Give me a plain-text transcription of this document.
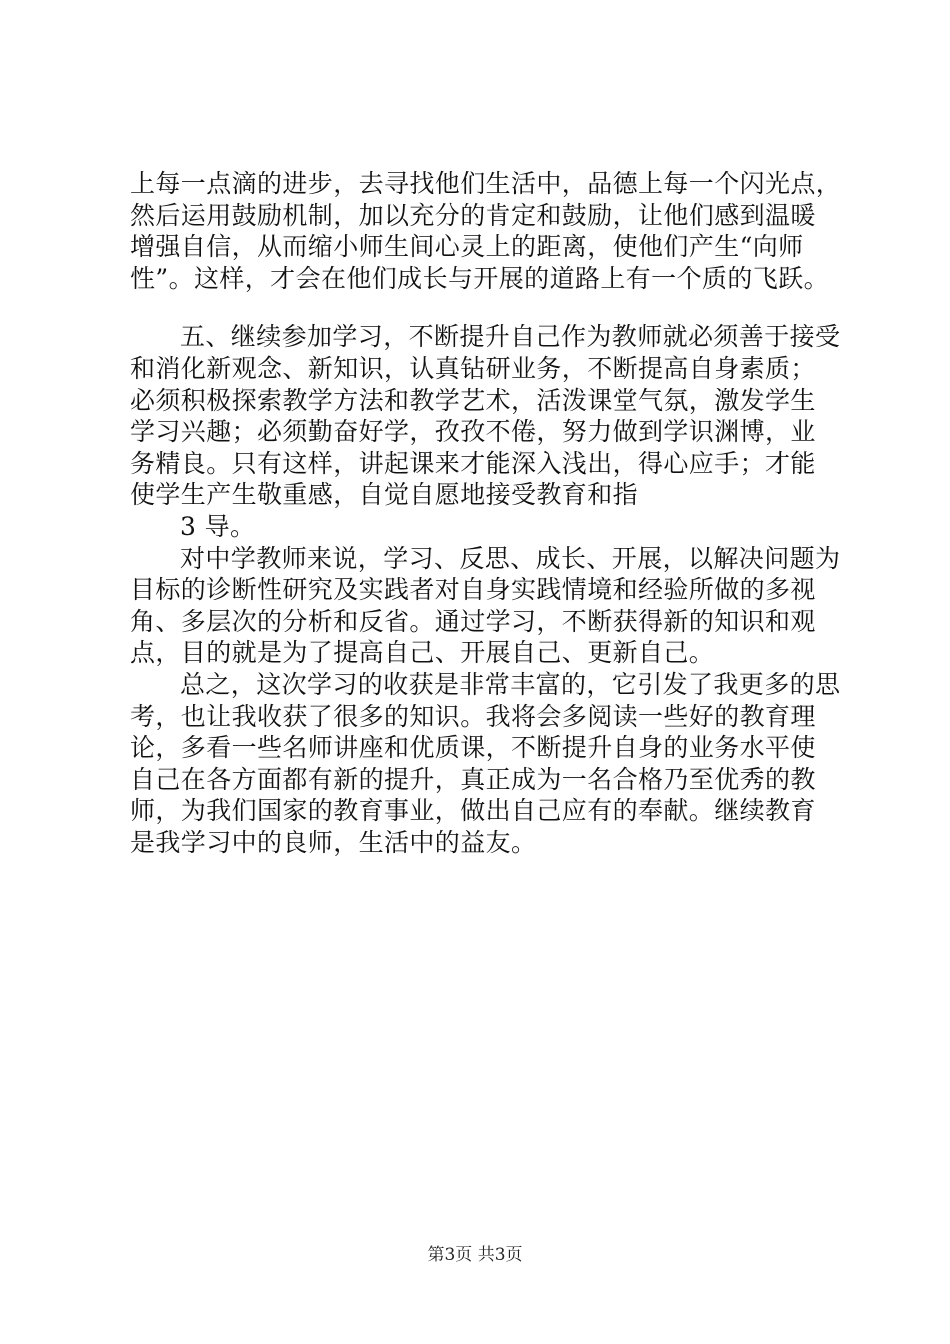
上每一点滴的进步，去寻找他们生活中，品德上每一个闪光点，
然后运用鼓励机制，加以充分的肯定和鼓励，让他们感到温暖
增强自信，从而缩小师生间心灵上的距离，使他们产生“向师
性”。这样，才会在他们成长与开展的道路上有一个质的飞跃。
五、继续参加学习，不断提升自己作为教师就必须善于接受
和消化新观念、新知识，认真钻研业务，不断提高自身素质；
必须积极探索教学方法和教学艺术，活泼课堂气氛，激发学生
学习兴趣；必须勤奋好学，孜孜不倦，努力做到学识渊博，业
务精良。只有这样，讲起课来才能深入浅出，得心应手；才能
使学生产生敬重感，自觉自愿地接受教育和指
3 导。
对中学教师来说，学习、反思、成长、开展，以解决问题为
目标的诊断性研究及实践者对自身实践情境和经验所做的多视
角、多层次的分析和反省。通过学习，不断获得新的知识和观
点，目的就是为了提高自己、开展自己、更新自己。
总之，这次学习的收获是非常丰富的，它引发了我更多的思
考，也让我收获了很多的知识。我将会多阅读一些好的教育理
论，多看一些名师讲座和优质课，不断提升自身的业务水平使
自己在各方面都有新的提升，真正成为一名合格乃至优秀的教
师，为我们国家的教育事业，做出自己应有的奉献。继续教育
是我学习中的良师，生活中的益友。
第3页 共3页
